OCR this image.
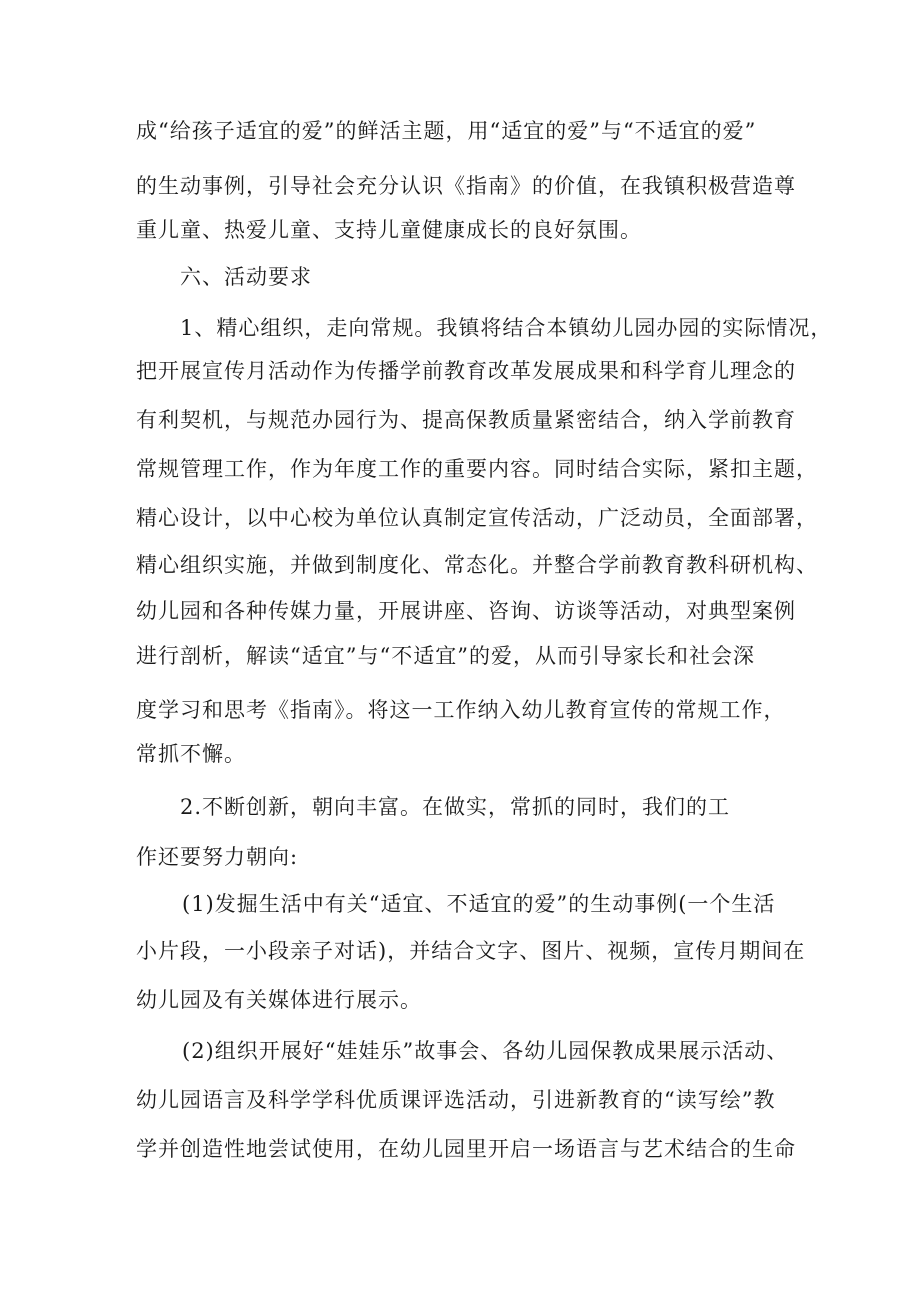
成“给孩子适宜的爱”的鲜活主题，用“适宜的爱”与“不适宜的爱”

的生动事例，引导社会充分认识《指南》的价值，在我镇积极营造尊

重儿童、热爱儿童、支持儿童健康成长的良好氛围。

六、活动要求

1、精心组织，走向常规。我镇将结合本镇幼儿园办园的实际情况，

把开展宣传月活动作为传播学前教育改革发展成果和科学育儿理念的

有利契机，与规范办园行为、提高保教质量紧密结合，纳入学前教育

常规管理工作，作为年度工作的重要内容。同时结合实际，紧扣主题，

精心设计，以中心校为单位认真制定宣传活动，广泛动员，全面部署，

精心组织实施，并做到制度化、常态化。并整合学前教育教科研机构、

幼儿园和各种传媒力量，开展讲座、咨询、访谈等活动，对典型案例

进行剖析，解读“适宜”与“不适宜”的爱，从而引导家长和社会深

度学习和思考《指南》。将这一工作纳入幼儿教育宣传的常规工作，

常抓不懈。

2.不断创新，朝向丰富。在做实，常抓的同时，我们的工

作还要努力朝向:

(1)发掘生活中有关“适宜、不适宜的爱”的生动事例(一个生活

小片段，一小段亲子对话)，并结合文字、图片、视频，宣传月期间在

幼儿园及有关媒体进行展示。

(2)组织开展好“娃娃乐”故事会、各幼儿园保教成果展示活动、

幼儿园语言及科学学科优质课评选活动，引进新教育的“读写绘”教

学并创造性地尝试使用，在幼儿园里开启一场语言与艺术结合的生命
